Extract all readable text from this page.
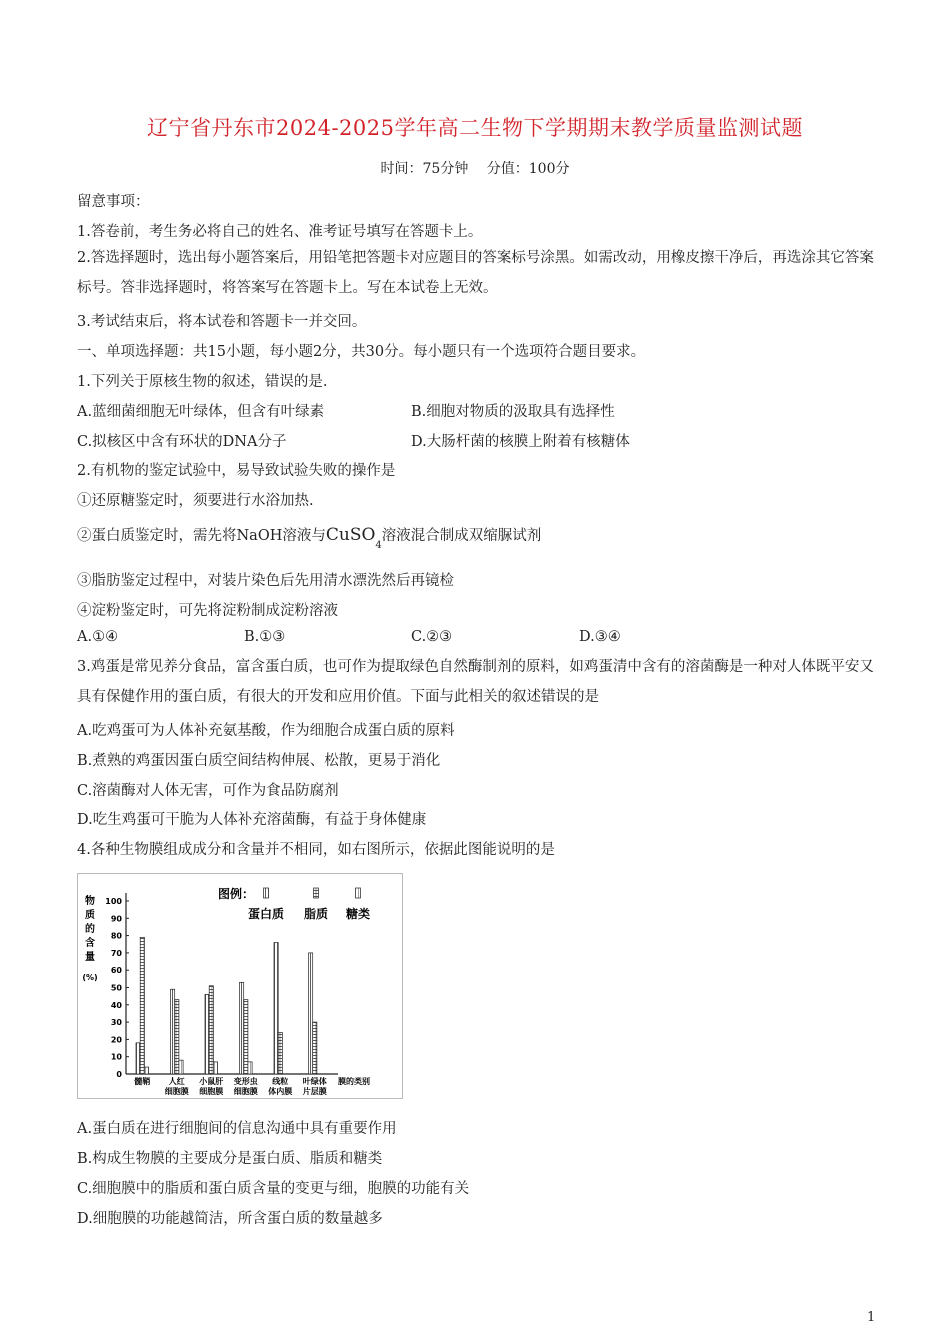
辽宁省丹东市2024-2025学年高二生物下学期期末教学质量监测试题
时间：75分钟　 分值：100分
留意事项：
1.答卷前，考生务必将自己的姓名、准考证号填写在答题卡上。
2.答选择题时，选出每小题答案后，用铅笔把答题卡对应题目的答案标号涂黑。如需改动，用橡皮擦干净后，再选涂其它答案标号。答非选择题时，将答案写在答题卡上。写在本试卷上无效。
3.考试结束后，将本试卷和答题卡一并交回。
一、单项选择题：共15小题，每小题2分，共30分。每小题只有一个选项符合题目要求。
1.下列关于原核生物的叙述，错误的是.
A.蓝细菌细胞无叶绿体，但含有叶绿素	B.细胞对物质的汲取具有选择性
C.拟核区中含有环状的DNA分子	D.大肠杆菌的核膜上附着有核糖体
2.有机物的鉴定试验中，易导致试验失败的操作是
①还原糖鉴定时，须要进行水浴加热.
②蛋白质鉴定时，需先将NaOH溶液与CuSO$_4$溶液混合制成双缩脲试剂
③脂肪鉴定过程中，对装片染色后先用清水漂洗然后再镜检
④淀粉鉴定时，可先将淀粉制成淀粉溶液
A.①④	B.①③	C.②③	D.③④
3.鸡蛋是常见养分食品，富含蛋白质，也可作为提取绿色自然酶制剂的原料，如鸡蛋清中含有的溶菌酶是一种对人体既平安又具有保健作用的蛋白质，有很大的开发和应用价值。下面与此相关的叙述错误的是
A.吃鸡蛋可为人体补充氨基酸，作为细胞合成蛋白质的原料
B.煮熟的鸡蛋因蛋白质空间结构伸展、松散，更易于消化
C.溶菌酶对人体无害，可作为食品防腐剂
D.吃生鸡蛋可干脆为人体补充溶菌酶，有益于身体健康
4.各种生物膜组成成分和含量并不相同，如右图所示，依据此图能说明的是
物
质
的
含
量
(%)
0
10
20
30
40
50
60
70
80
90
100
膜的类别
髓鞘 人红
细胞膜
小鼠肝
细胞膜
变形虫
细胞膜
线粒
体内膜
叶绿体
片层膜
图例：
蛋白质 脂质 糖类
A.蛋白质在进行细胞间的信息沟通中具有重要作用
B.构成生物膜的主要成分是蛋白质、脂质和糖类
C.细胞膜中的脂质和蛋白质含量的变更与细，胞膜的功能有关
D.细胞膜的功能越简洁，所含蛋白质的数量越多
1
